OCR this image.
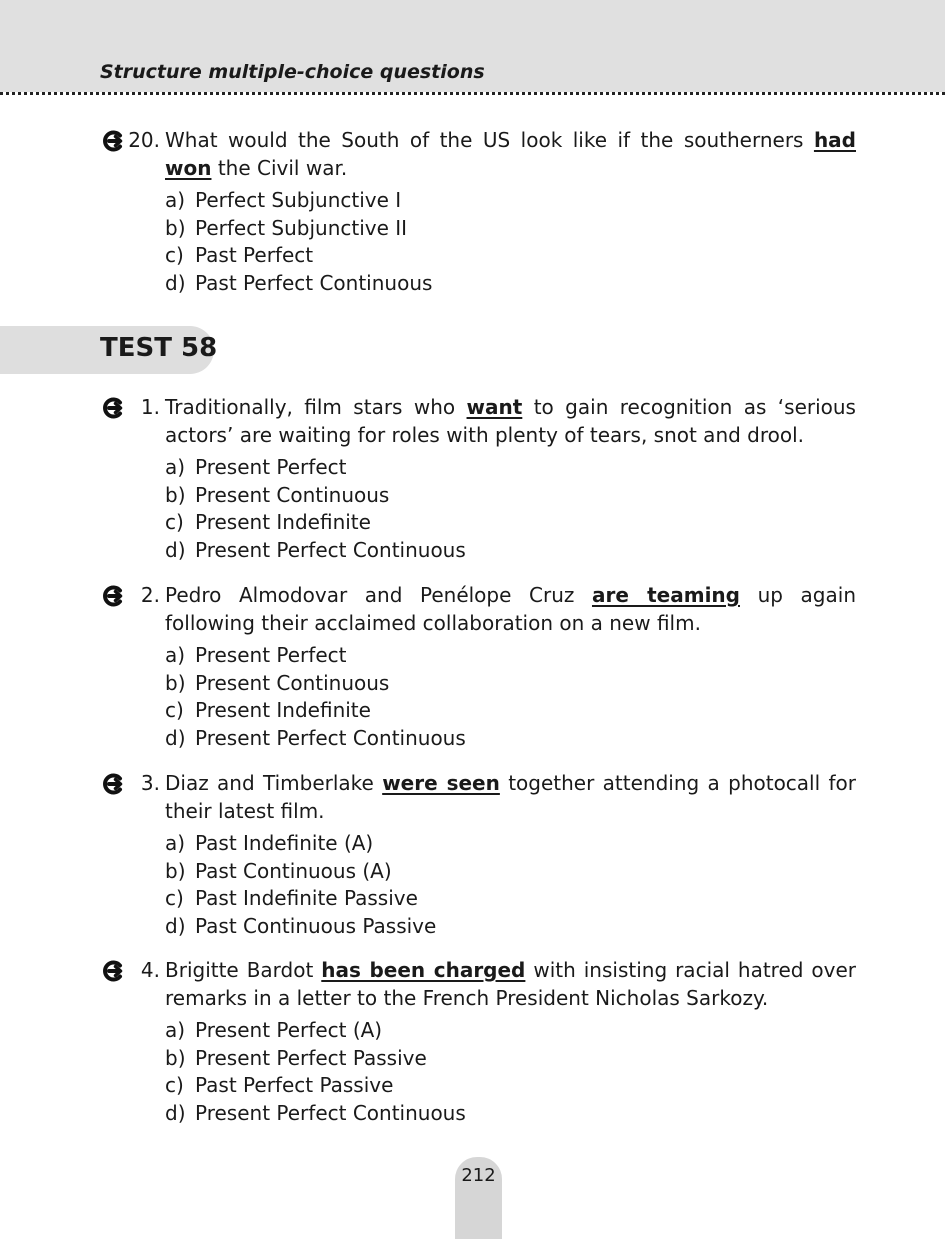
Structure multiple-choice questions
20. What would the South of the US look like if the southerners had won the Civil war.
a) Perfect Subjunctive I
b) Perfect Subjunctive II
c) Past Perfect
d) Past Perfect Continuous
TEST 58
1. Traditionally, film stars who want to gain recognition as ‘serious actors’ are waiting for roles with plenty of tears, snot and drool.
a) Present Perfect
b) Present Continuous
c) Present Indefinite
d) Present Perfect Continuous
2. Pedro Almodovar and Penélope Cruz are teaming up again following their acclaimed collaboration on a new film.
a) Present Perfect
b) Present Continuous
c) Present Indefinite
d) Present Perfect Continuous
3. Diaz and Timberlake were seen together attending a photocall for their latest film.
a) Past Indefinite (A)
b) Past Continuous (A)
c) Past Indefinite Passive
d) Past Continuous Passive
4. Brigitte Bardot has been charged with insisting racial hatred over remarks in a letter to the French President Nicholas Sarkozy.
a) Present Perfect (A)
b) Present Perfect Passive
c) Past Perfect Passive
d) Present Perfect Continuous
212
